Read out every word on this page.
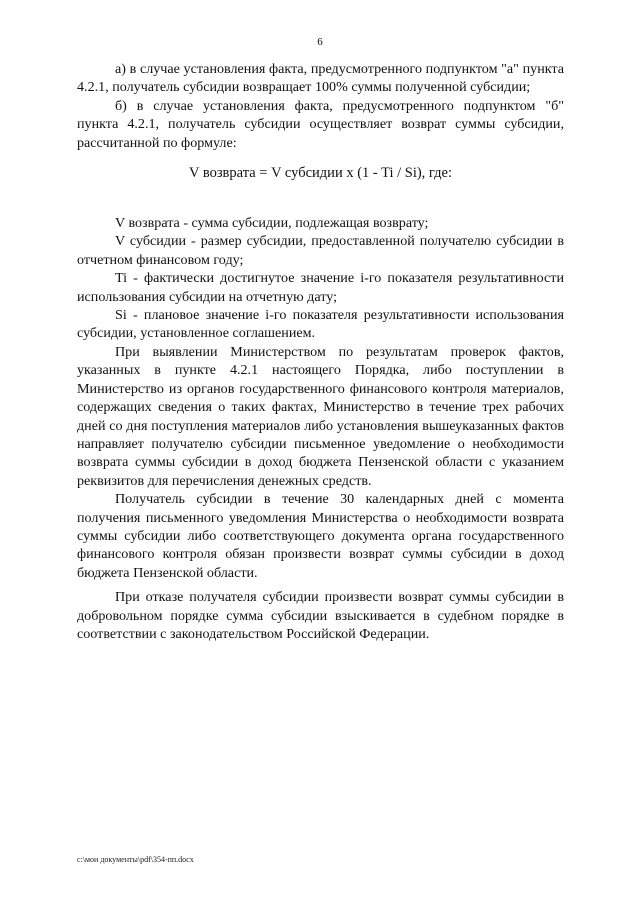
6

а) в случае установления факта, предусмотренного подпунктом "а" пункта 4.2.1, получатель субсидии возвращает 100% суммы полученной субсидии;

б) в случае установления факта, предусмотренного подпунктом "б" пункта 4.2.1, получатель субсидии осуществляет возврат суммы субсидии, рассчитанной по формуле:

V возврата = V субсидии x (1 - Ti / Si), где:

V возврата - сумма субсидии, подлежащая возврату;

V субсидии - размер субсидии, предоставленной получателю субсидии в отчетном финансовом году;

Ti - фактически достигнутое значение i-го показателя результативности использования субсидии на отчетную дату;

Si - плановое значение i-го показателя результативности использования субсидии, установленное соглашением.

При выявлении Министерством по результатам проверок фактов, указанных в пункте 4.2.1 настоящего Порядка, либо поступлении в Министерство из органов государственного финансового контроля материалов, содержащих сведения о таких фактах, Министерство в течение трех рабочих дней со дня поступления материалов либо установления вышеуказанных фактов направляет получателю субсидии письменное уведомление о необходимости возврата суммы субсидии в доход бюджета Пензенской области с указанием реквизитов для перечисления денежных средств.

Получатель субсидии в течение 30 календарных дней с момента получения письменного уведомления Министерства о необходимости возврата суммы субсидии либо соответствующего документа органа государственного финансового контроля обязан произвести возврат суммы субсидии в доход бюджета Пензенской области.

При отказе получателя субсидии произвести возврат суммы субсидии в добровольном порядке сумма субсидии взыскивается в судебном порядке в соответствии с законодательством Российской Федерации.

c:\мои документы\pdf\354-пп.docx
